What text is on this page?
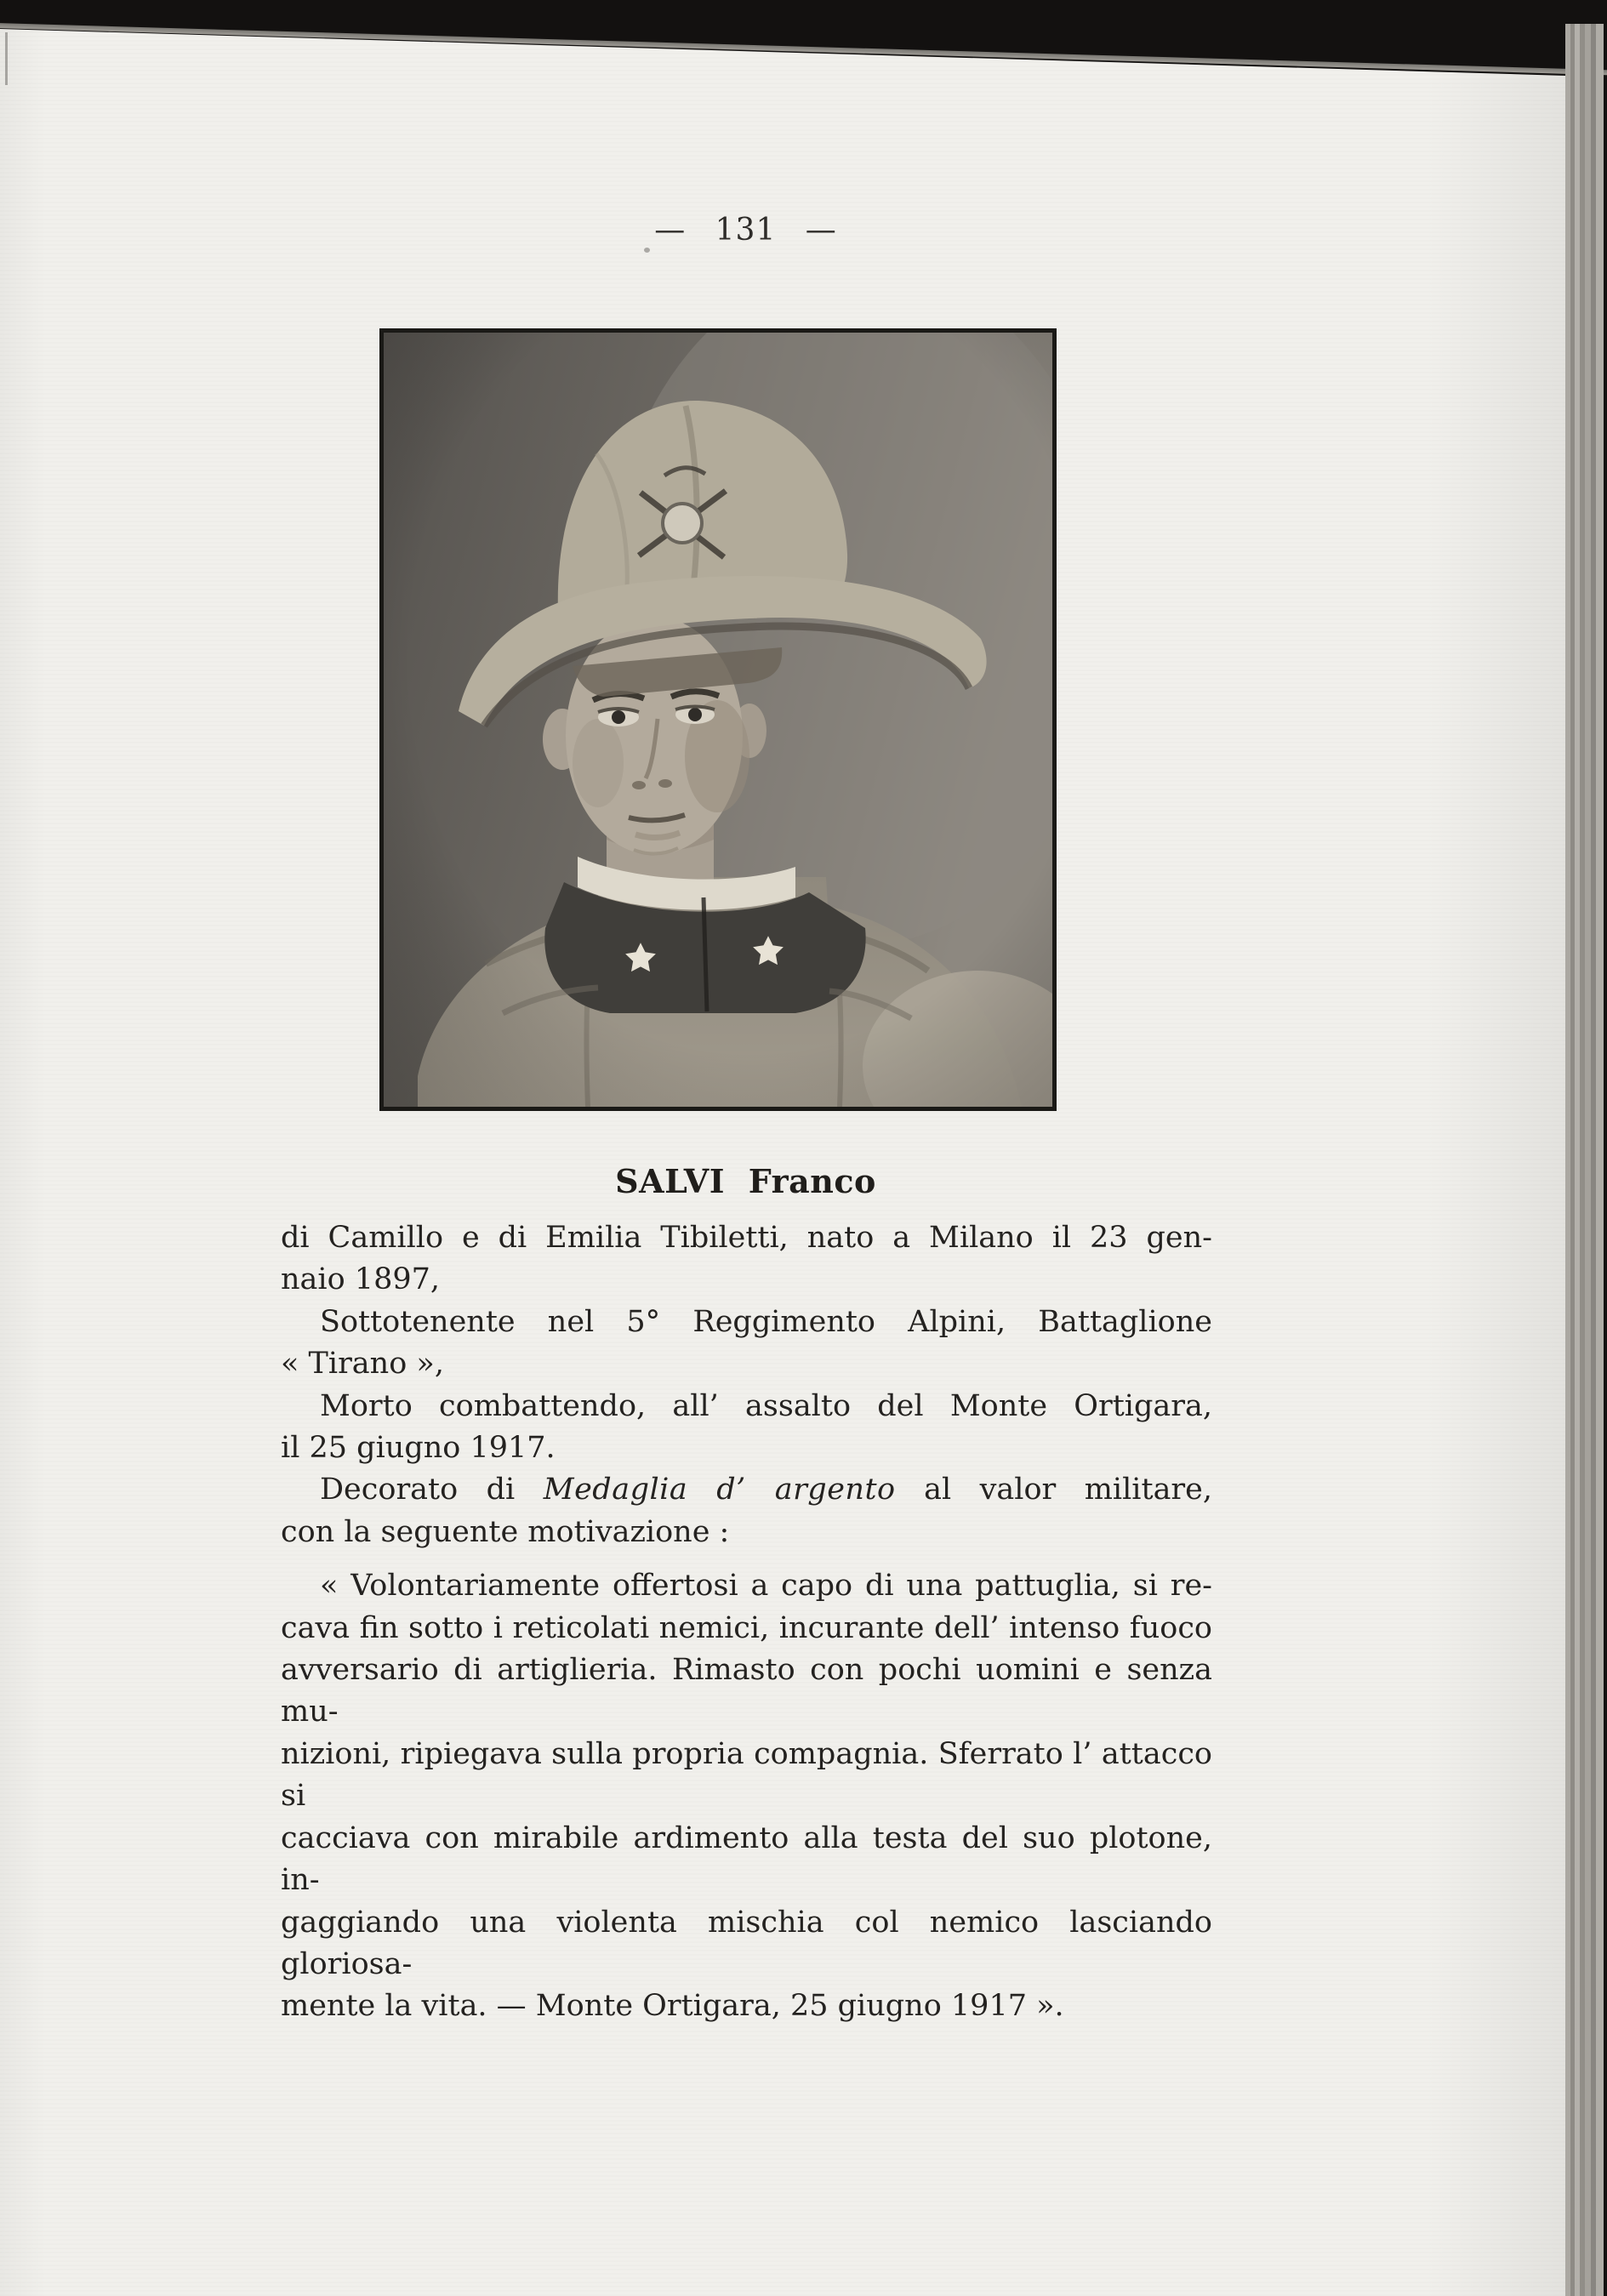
— 131 —
SALVI Franco
di Camillo e di Emilia Tibiletti, nato a Milano il 23 gen-
naio 1897,
Sottotenente nel 5° Reggimento Alpini, Battaglione
« Tirano »,
Morto combattendo, all’ assalto del Monte Ortigara,
il 25 giugno 1917.
Decorato di Medaglia d’ argento al valor militare,
con la seguente motivazione :
« Volontariamente offertosi a capo di una pattuglia, si re-
cava fin sotto i reticolati nemici, incurante dell’ intenso fuoco
avversario di artiglieria. Rimasto con pochi uomini e senza mu-
nizioni, ripiegava sulla propria compagnia. Sferrato l’ attacco si
cacciava con mirabile ardimento alla testa del suo plotone, in-
gaggiando una violenta mischia col nemico lasciando gloriosa-
mente la vita. — Monte Ortigara, 25 giugno 1917 ».
